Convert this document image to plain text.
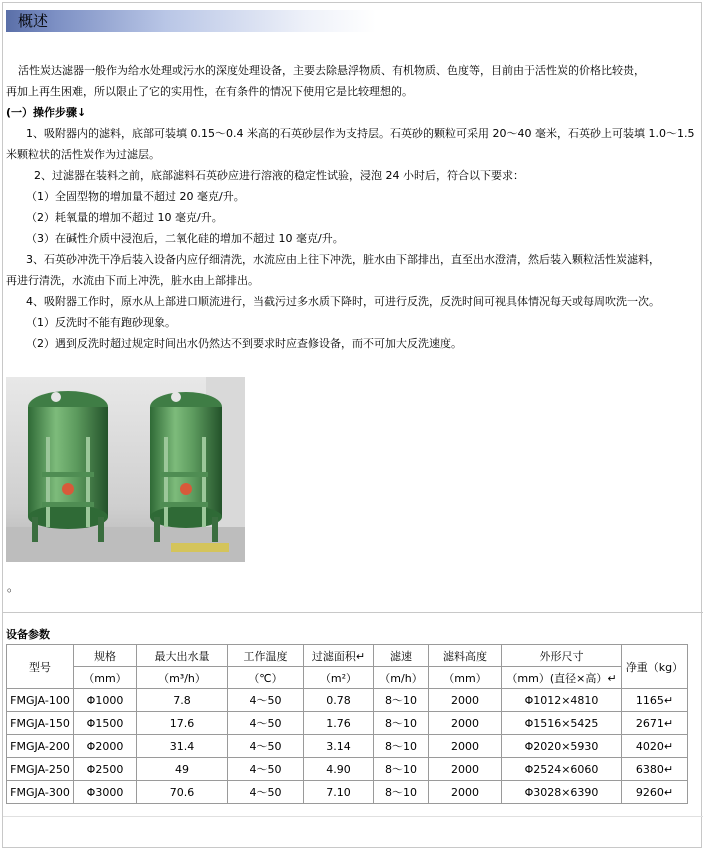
概述

活性炭达滤器一般作为给水处理或污水的深度处理设备，主要去除悬浮物质、有机物质、色度等，目前由于活性炭的价格比较贵，

再加上再生困难，所以限止了它的实用性，在有条件的情况下使用它是比较理想的。

(一）操作步骤↓

1、吸附器内的滤料，底部可装填 0.15～0.4 米高的石英砂层作为支持层。石英砂的颗粒可采用 20～40 毫米，石英砂上可装填 1.0～1.5

米颗粒状的活性炭作为过滤层。

2、过滤器在装料之前，底部滤料石英砂应进行溶液的稳定性试验，浸泡 24 小时后，符合以下要求：

（1）全固型物的增加量不超过 20 毫克/升。

（2）耗氧量的增加不超过 10 毫克/升。

（3）在碱性介质中浸泡后，二氧化硅的增加不超过 10 毫克/升。

3、石英砂冲洗干净后装入设备内应仔细清洗，水流应由上往下冲洗，脏水由下部排出，直至出水澄清，然后装入颗粒活性炭滤料，

再进行清洗，水流由下而上冲洗，脏水由上部排出。

4、吸附器工作时，原水从上部进口顺流进行，当截污过多水质下降时，可进行反洗，反洗时间可视具体情况每天或每周吹洗一次。

（1）反洗时不能有跑砂现象。

（2）遇到反洗时超过规定时间出水仍然达不到要求时应查修设备，而不可加大反洗速度。

。
设备参数
型号	规格	最大出水量	工作温度	过滤面积↵	滤速	滤料高度	外形尺寸	净重（kg）
	（mm）	（m³/h）	（℃）	（m²）	（m/h）	（mm）	（mm）(直径×高）↵	
FMGJA-100	Φ1000	7.8	4～50	0.78	8～10	2000	Φ1012×4810	1165↵
FMGJA-150	Φ1500	17.6	4～50	1.76	8～10	2000	Φ1516×5425	2671↵
FMGJA-200	Φ2000	31.4	4～50	3.14	8～10	2000	Φ2020×5930	4020↵
FMGJA-250	Φ2500	49	4～50	4.90	8～10	2000	Φ2524×6060	6380↵
FMGJA-300	Φ3000	70.6	4～50	7.10	8～10	2000	Φ3028×6390	9260↵
